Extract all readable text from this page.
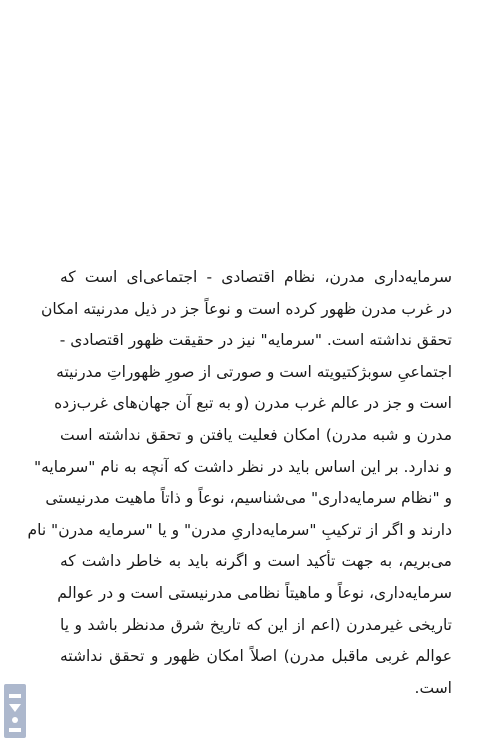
سرمایه‌داری مدرن، نظام اقتصادی - اجتماعی‌ای است که
در غرب مدرن ظهور کرده است و نوعاً جز در ذیل مدرنیته امکان
تحقق نداشته است. "سرمایه" نیز در حقیقت ظهور اقتصادی -
اجتماعیِ سوبژکتیویته است و صورتی از صورِ ظهوراتِ مدرنیته
است و جز در عالم غرب مدرن (و به تبع آن جهان‌های غرب‌زده
مدرن و شبه مدرن) امکان فعلیت یافتن و تحقق نداشته است
و ندارد. بر این اساس باید در نظر داشت که آنچه به نام "سرمایه"
و "نظام سرمایه‌داری" می‌شناسیم، نوعاً و ذاتاً ماهیت مدرنیستی
دارند و اگر از ترکیبِ "سرمایه‌داریِ مدرن" و یا "سرمایه مدرن" نام
می‌بریم، به جهت تأکید است و اگرنه باید به خاطر داشت که
سرمایه‌داری، نوعاً و ماهیتاً نظامی مدرنیستی است و در عوالم
تاریخی غیرمدرن (اعم از این که تاریخ شرق مدنظر باشد و یا
عوالم غربی ماقبل مدرن) اصلاً امکان ظهور و تحقق نداشته
است.
